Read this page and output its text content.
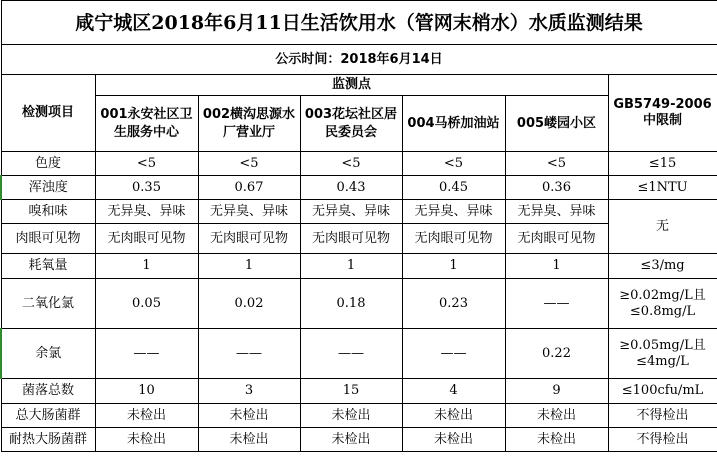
咸宁城区2018年6月11日生活饮用水（管网末梢水）水质监测结果						
公示时间：2018年6月14日						
检测项目	监测点					GB5749-2006中限制
	001永安社区卫生服务中心	002横沟思源水厂营业厅	003花坛社区居民委员会	004马桥加油站	005嵝园小区	
色度	<5	<5	<5	<5	<5	≤15
浑浊度	0.35	0.67	0.43	0.45	0.36	≤1NTU
嗅和味	无异臭、异味	无异臭、异味	无异臭、异味	无异臭、异味	无异臭、异味	无
肉眼可见物	无肉眼可见物	无肉眼可见物	无肉眼可见物	无肉眼可见物	无肉眼可见物	
耗氧量	1	1	1	1	1	≤3/mg
二氧化氯	0.05	0.02	0.18	0.23	——	≥0.02mg/L且≤0.8mg/L
余氯	——	——	——	——	0.22	≥0.05mg/L且≤4mg/L
菌落总数	10	3	15	4	9	≤100cfu/mL
总大肠菌群	未检出	未检出	未检出	未检出	未检出	不得检出
耐热大肠菌群	未检出	未检出	未检出	未检出	未检出	不得检出
